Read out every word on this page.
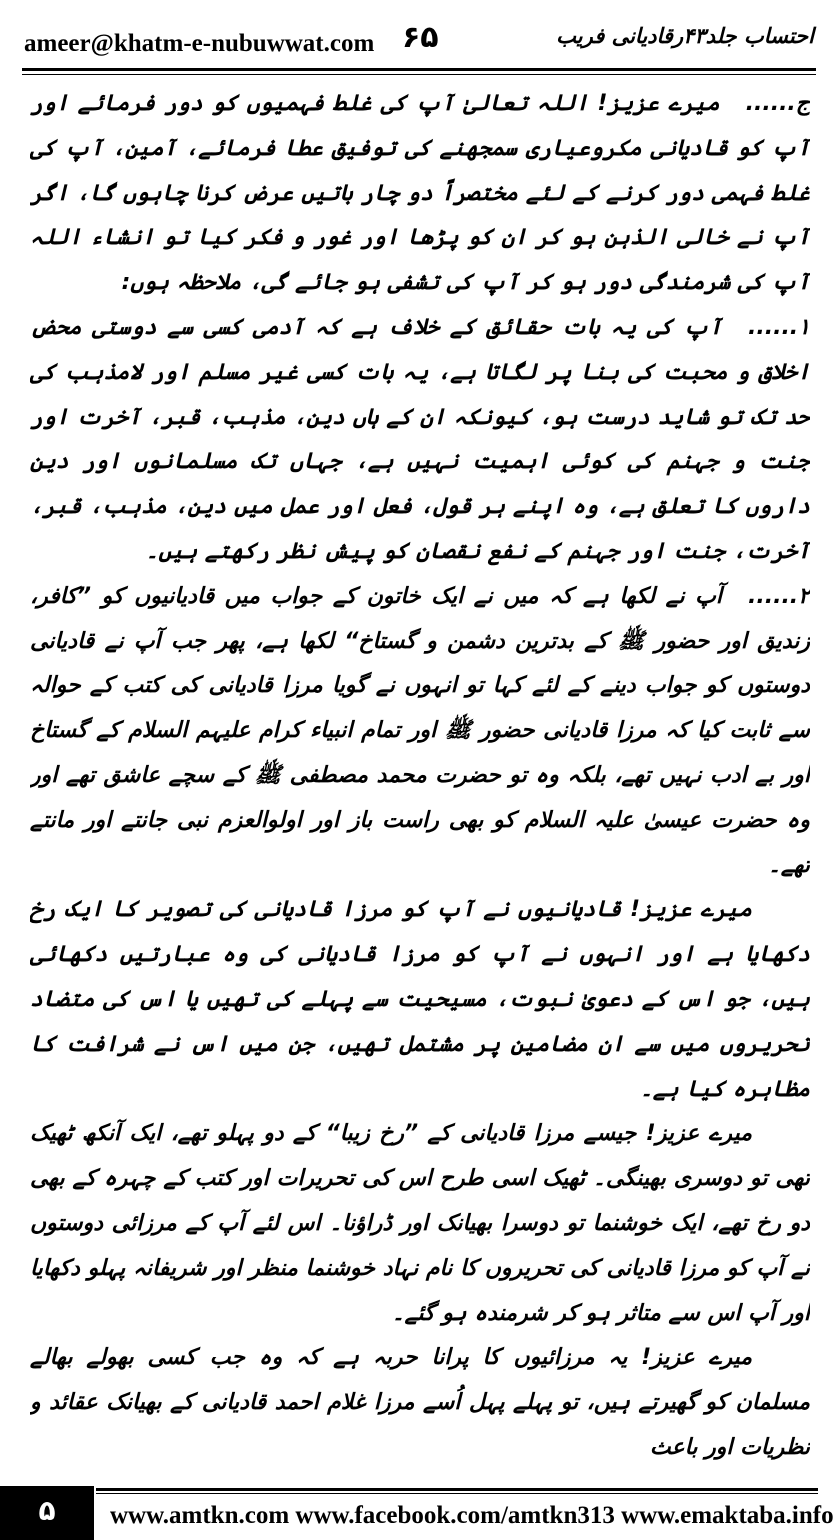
ameer@khatm-e-nubuwwat.com ۶۵	احتساب جلد۴۳رقادیانی فریب

ج......میرے عزیز! اللہ تعالیٰ آپ کی غلط فہمیوں کو دور فرمائے اور آپ کو قادیانی مکروعیاری سمجھنے کی توفیق عطا فرمائے، آمین، آپ کی غلط فہمی دور کرنے کے لئے مختصراً دو چار باتیں عرض کرنا چاہوں گا، اگر آپ نے خالی الذہن ہو کر ان کو پڑھا اور غور و فکر کیا تو انشاء اللہ آپ کی شرمندگی دور ہو کر آپ کی تشفی ہو جائے گی، ملاحظہ ہوں:

۱......آپ کی یہ بات حقائق کے خلاف ہے کہ آدمی کسی سے دوستی محض اخلاق و محبت کی بنا پر لگاتا ہے، یہ بات کسی غیر مسلم اور لامذہب کی حد تک تو شاید درست ہو، کیونکہ ان کے ہاں دین، مذہب، قبر، آخرت اور جنت و جہنم کی کوئی اہمیت نہیں ہے، جہاں تک مسلمانوں اور دین داروں کا تعلق ہے، وہ اپنے ہر قول، فعل اور عمل میں دین، مذہب، قبر، آخرت، جنت اور جہنم کے نفع نقصان کو پیش نظر رکھتے ہیں۔

۲......آپ نے لکھا ہے کہ میں نے ایک خاتون کے جواب میں قادیانیوں کو ”کافر، زندیق اور حضور ﷺ کے بدترین دشمن و گستاخ“ لکھا ہے، پھر جب آپ نے قادیانی دوستوں کو جواب دینے کے لئے کہا تو انہوں نے گویا مرزا قادیانی کی کتب کے حوالہ سے ثابت کیا کہ مرزا قادیانی حضور ﷺ اور تمام انبیاء کرام علیہم السلام کے گستاخ اور بے ادب نہیں تھے، بلکہ وہ تو حضرت محمد مصطفی ﷺ کے سچے عاشق تھے اور وہ حضرت عیسیٰ علیہ السلام کو بھی راست باز اور اولوالعزم نبی جانتے اور مانتے تھے۔

میرے عزیز! قادیانیوں نے آپ کو مرزا قادیانی کی تصویر کا ایک رخ دکھایا ہے اور انہوں نے آپ کو مرزا قادیانی کی وہ عبارتیں دکھائی ہیں، جو اس کے دعویٰ نبوت، مسیحیت سے پہلے کی تھیں یا اس کی متضاد تحریروں میں سے ان مضامین پر مشتمل تھیں، جن میں اس نے شرافت کا مظاہرہ کیا ہے۔

میرے عزیز! جیسے مرزا قادیانی کے ”رخ زیبا“ کے دو پہلو تھے، ایک آنکھ ٹھیک تھی تو دوسری بھینگی۔ ٹھیک اسی طرح اس کی تحریرات اور کتب کے چہرہ کے بھی دو رخ تھے، ایک خوشنما تو دوسرا بھیانک اور ڈراؤنا۔ اس لئے آپ کے مرزائی دوستوں نے آپ کو مرزا قادیانی کی تحریروں کا نام نہاد خوشنما منظر اور شریفانہ پہلو دکھایا اور آپ اس سے متاثر ہو کر شرمندہ ہو گئے۔

میرے عزیز! یہ مرزائیوں کا پرانا حربہ ہے کہ وہ جب کسی بھولے بھالے مسلمان کو گھیرتے ہیں، تو پہلے پہل اُسے مرزا غلام احمد قادیانی کے بھیانک عقائد و نظریات اور باعث

۵	www.amtkn.com www.facebook.com/amtkn313 www.emaktaba.info
